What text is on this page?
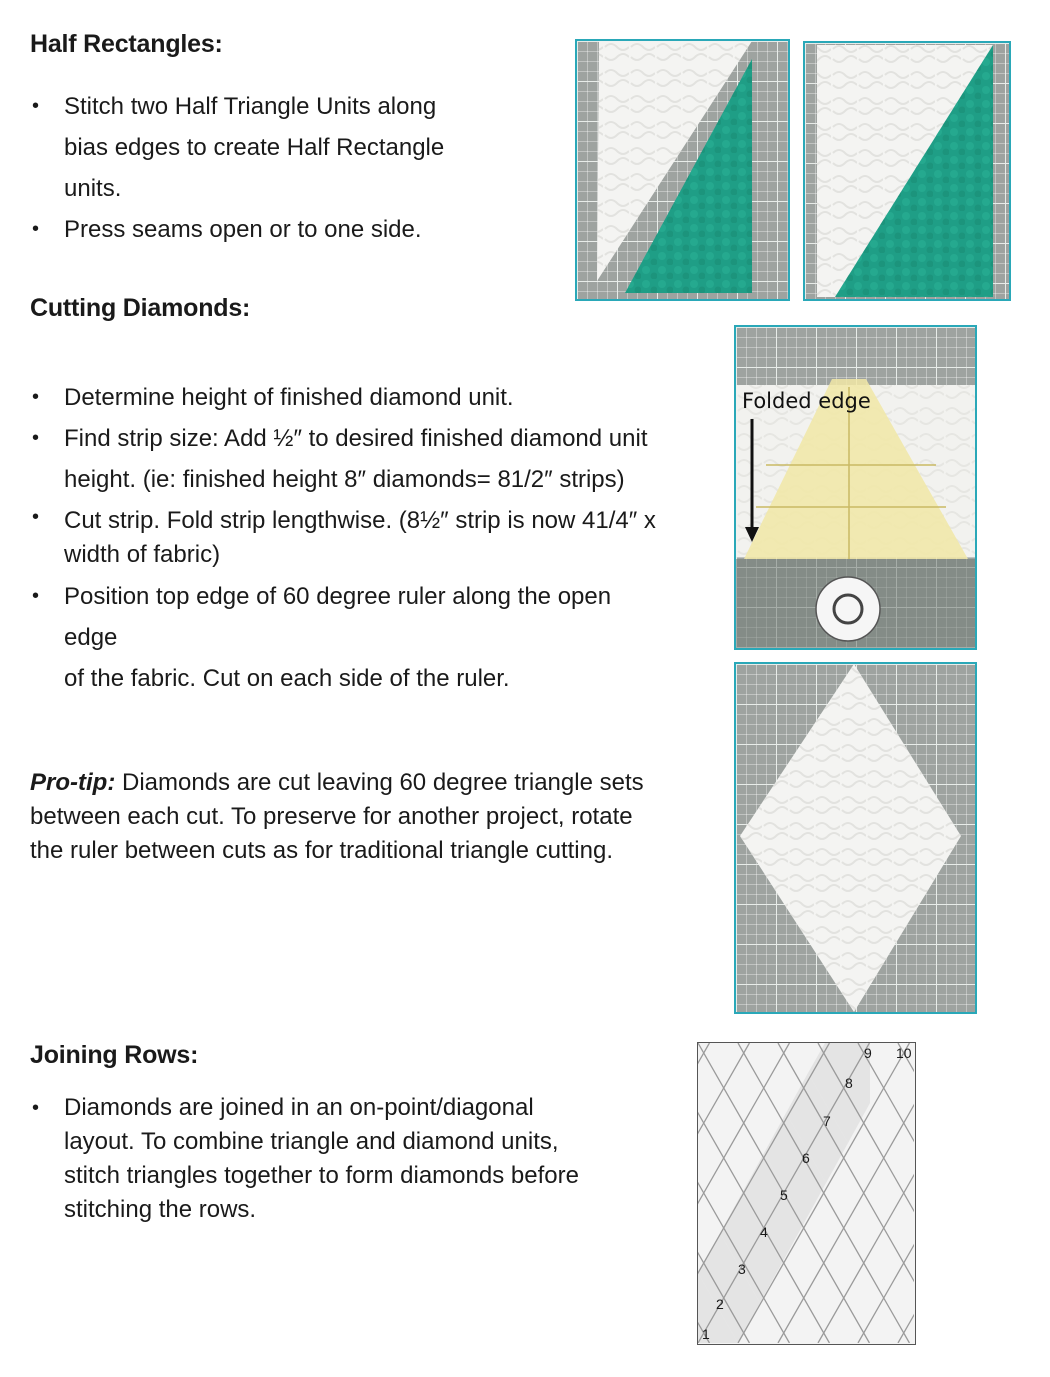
Half Rectangles:
• Stitch two Half Triangle Units along
bias edges to create Half Rectangle
units.
• Press seams open or to one side.
Cutting Diamonds:
• Determine height of finished diamond unit.
• Find strip size: Add ½″ to desired finished diamond unit
height. (ie: finished height 8″ diamonds= 81/2″ strips)
• Cut strip. Fold strip lengthwise. (8½″ strip is now 41/4″ x
width of fabric)
• Position top edge of 60 degree ruler along the open
edge
of the fabric. Cut on each side of the ruler.
Folded edge
Pro-tip: Diamonds are cut leaving 60 degree triangle sets
between each cut. To preserve for another project, rotate
the ruler between cuts as for traditional triangle cutting.
Joining Rows:
• Diamonds are joined in an on-point/diagonal
layout. To combine triangle and diamond units,
stitch triangles together to form diamonds before
stitching the rows.
1
2
3
4
5
6
7
8
9 10
